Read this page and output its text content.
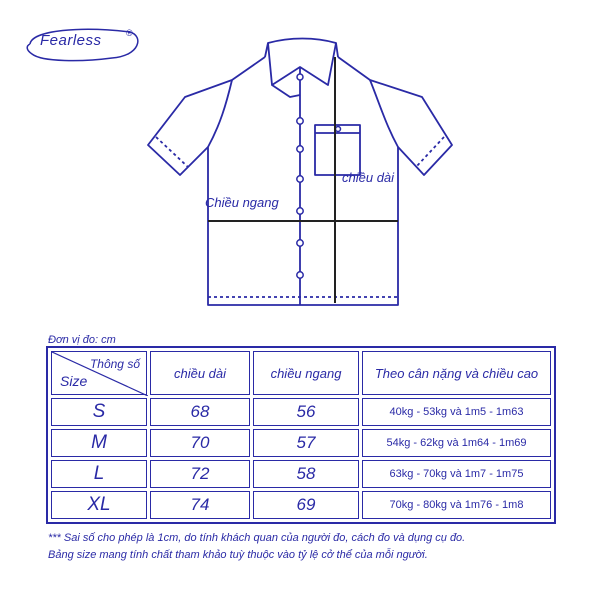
Fearless	®
chiều dài
Chiều ngang
Đơn vị đo: cm
Thông số
Size	chiều dài	chiều ngang	Theo cân nặng và chiều cao
S	68	56	40kg - 53kg và 1m5 - 1m63
M	70	57	54kg - 62kg và 1m64 - 1m69
L	72	58	63kg - 70kg và 1m7 - 1m75
XL	74	69	70kg - 80kg và 1m76 - 1m8
*** Sai số cho phép là 1cm, do tính khách quan của người đo, cách đo và dụng cụ đo.
Bảng size mang tính chất tham khảo tuỳ thuộc vào tỷ lệ cở thể của mỗi người.
